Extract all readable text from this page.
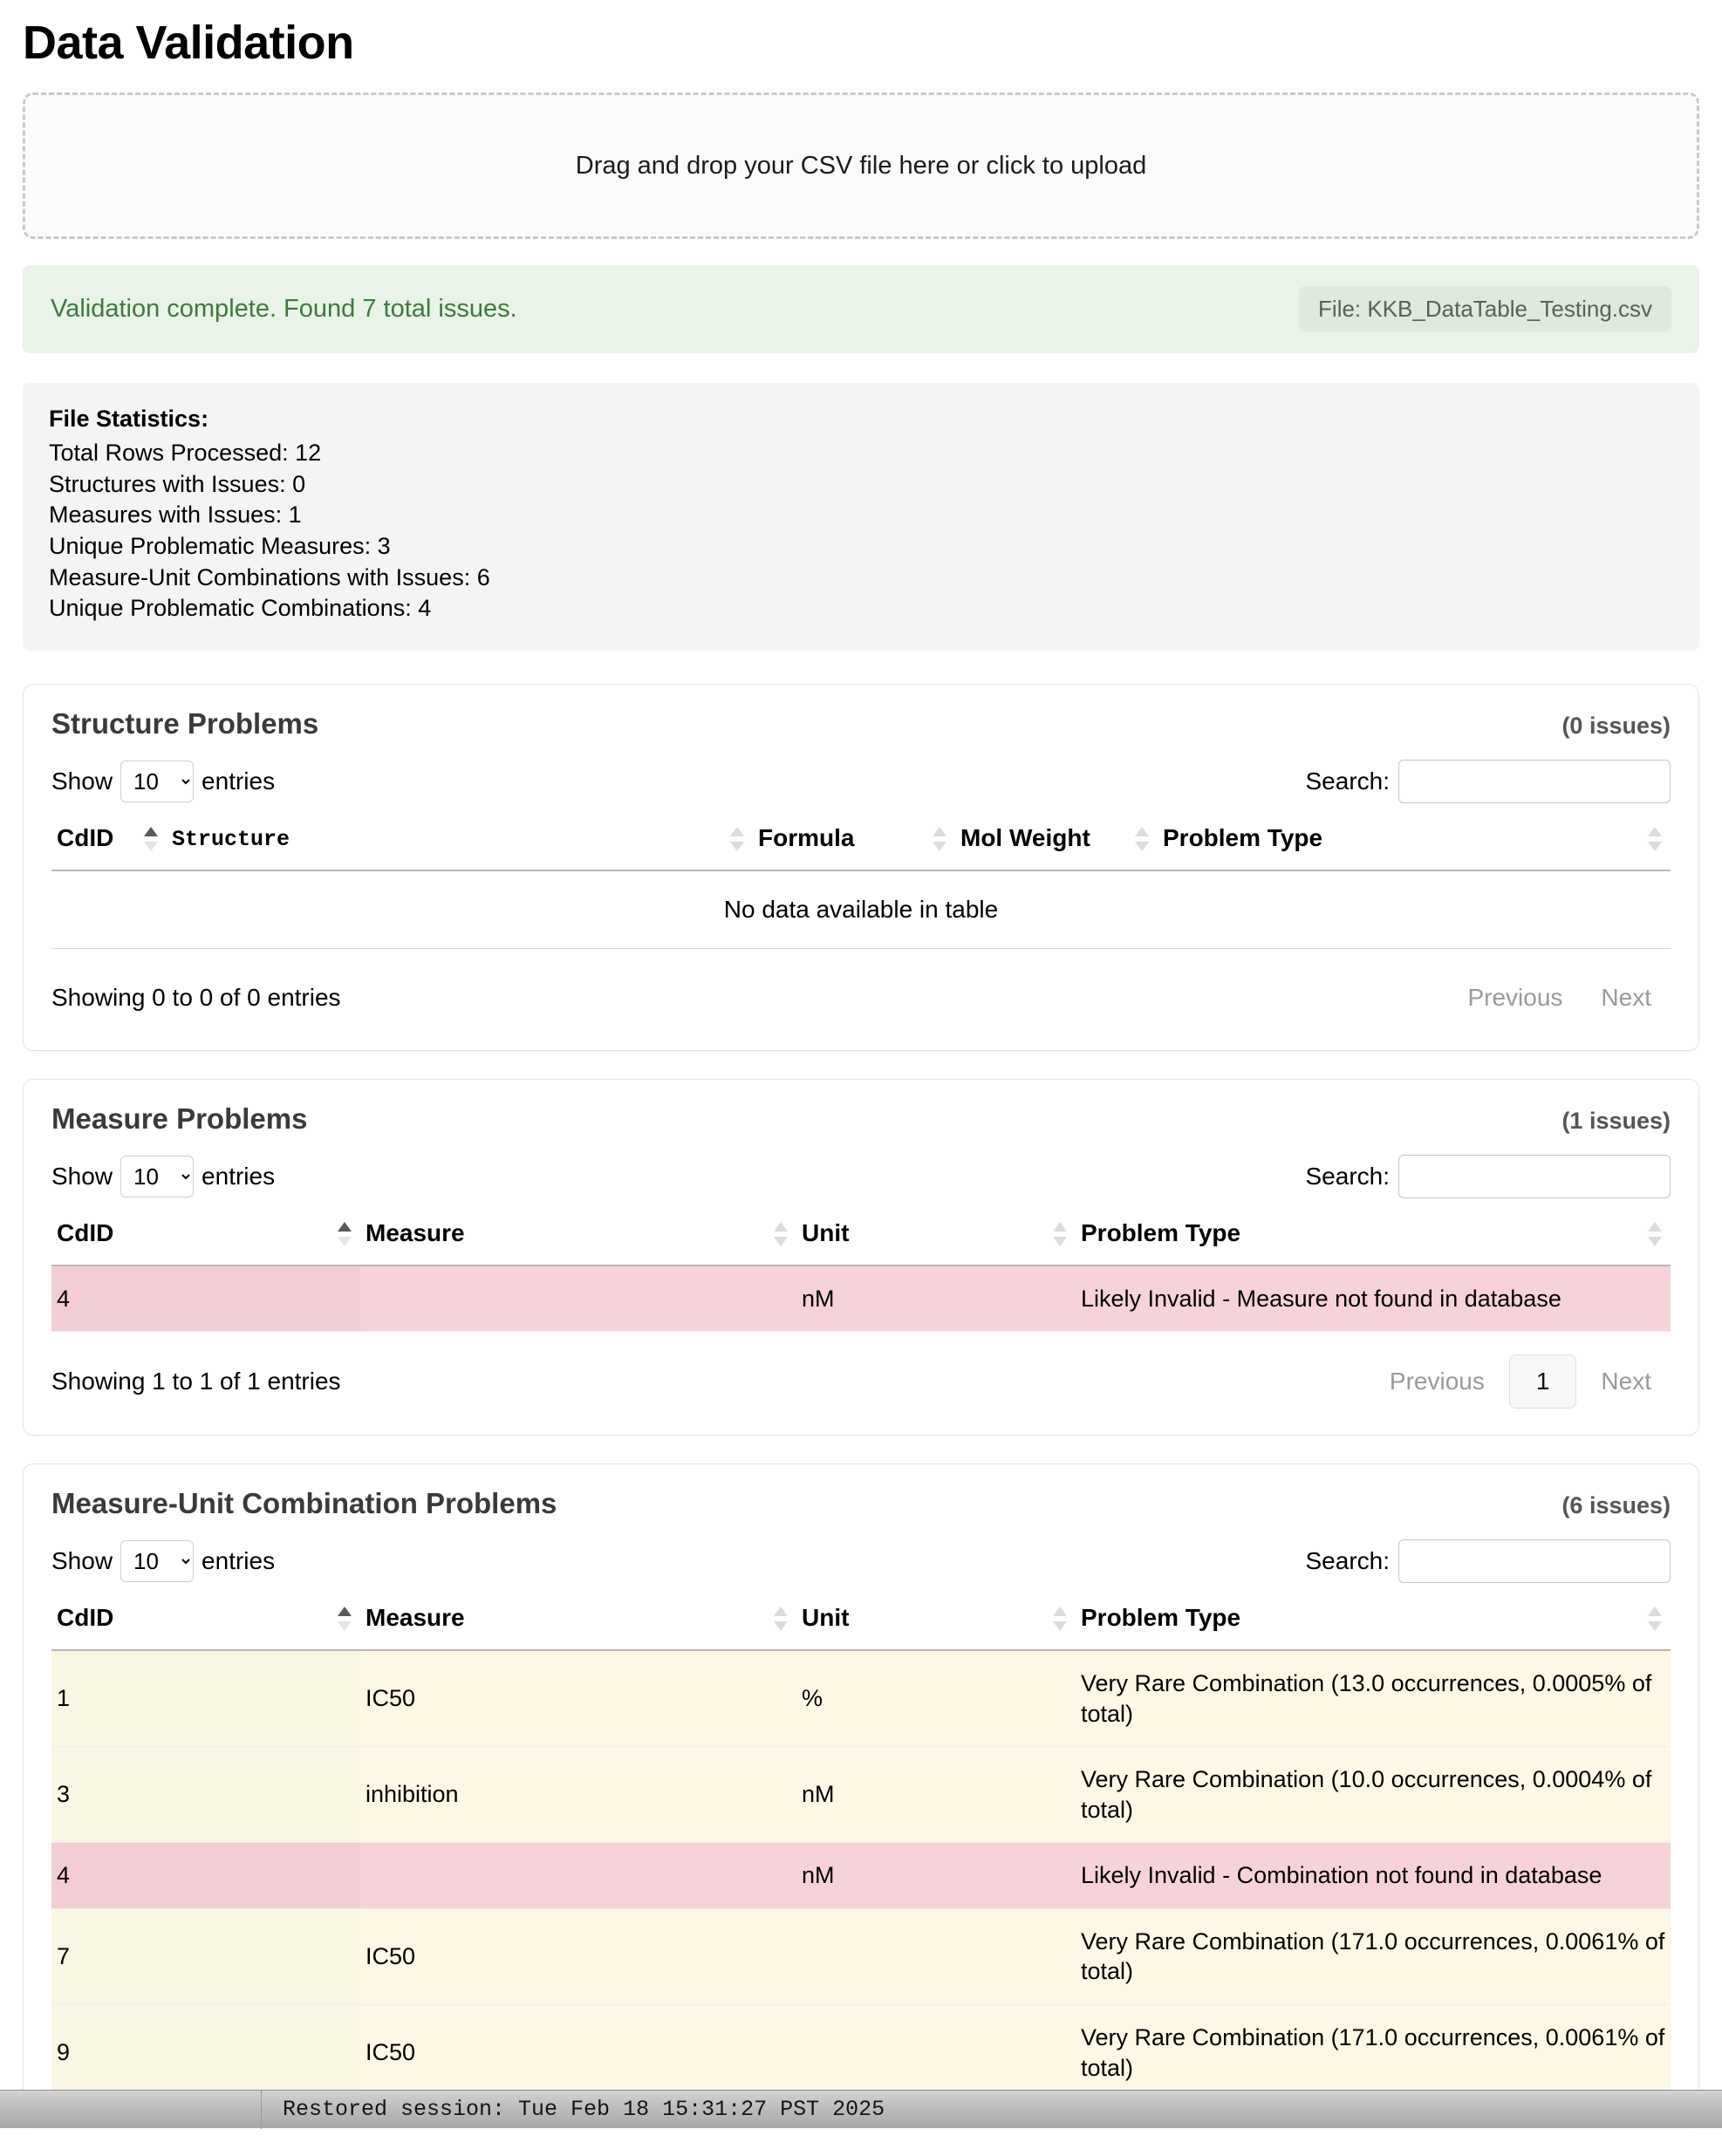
Data Validation
Drag and drop your CSV file here or click to upload
Validation complete. Found 7 total issues.	File: KKB_DataTable_Testing.csv
File Statistics:
Total Rows Processed: 12
Structures with Issues: 0
Measures with Issues: 1
Unique Problematic Measures: 3
Measure-Unit Combinations with Issues: 6
Unique Problematic Combinations: 4
Structure Problems	(0 issues)
Show
10	entries	Search:
CdID	Structure	Formula	Mol Weight	Problem Type

No data available in table
Showing 0 to 0 of 0 entries	Previous	Next
Measure Problems	(1 issues)
Show
10	entries	Search:
CdID	Measure	Unit	Problem Type

4		nM	Likely Invalid - Measure not found in database
Showing 1 to 1 of 1 entries	Previous	1	Next
Measure-Unit Combination Problems	(6 issues)
Show
10	entries	Search:
CdID	Measure	Unit	Problem Type

1	IC50	%	Very Rare Combination (13.0 occurrences, 0.0005% of total)
3	inhibition	nM	Very Rare Combination (10.0 occurrences, 0.0004% of total)
4		nM	Likely Invalid - Combination not found in database
7	IC50		Very Rare Combination (171.0 occurrences, 0.0061% of total)
9	IC50		Very Rare Combination (171.0 occurrences, 0.0061% of total)
Restored session: Tue Feb 18 15:31:27 PST 2025
